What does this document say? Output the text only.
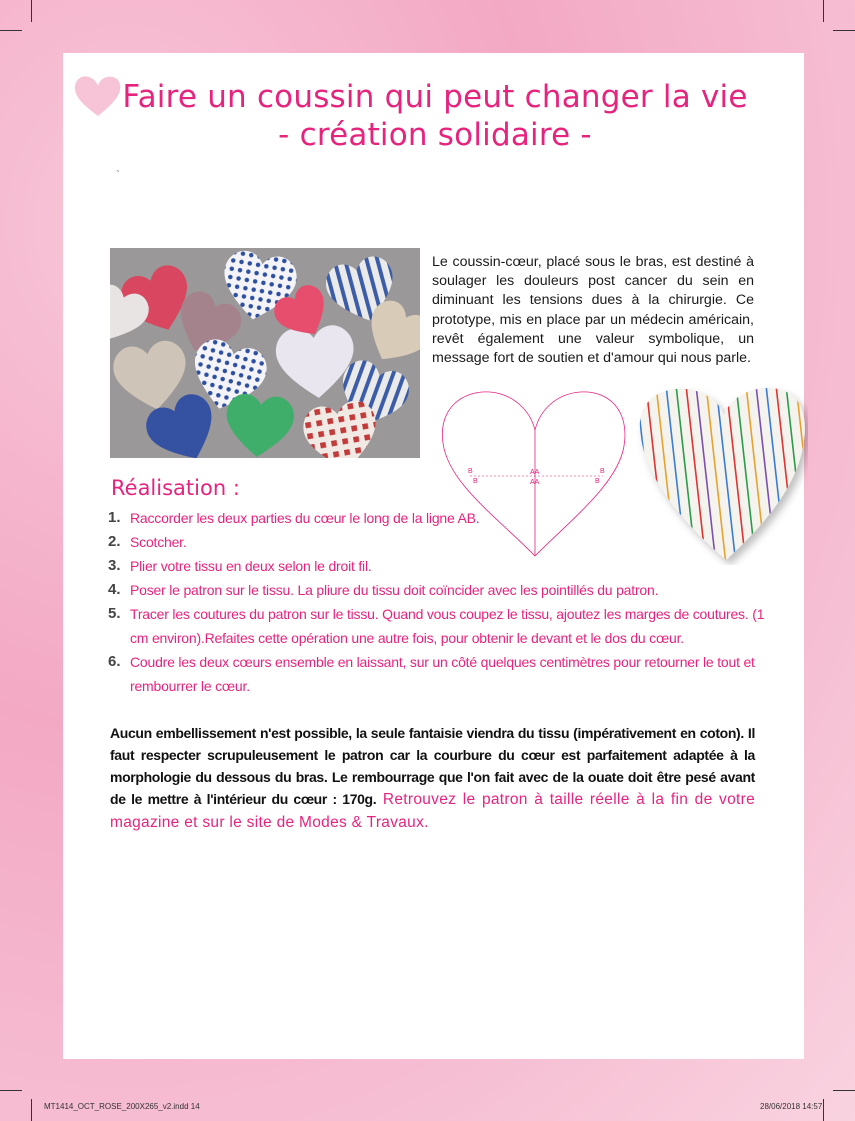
Faire un coussin qui peut changer la vie
- création solidaire -
`

Le coussin-cœur, placé sous le bras, est destiné à soulager les douleurs post cancer du sein en diminuant les tensions dues à la chirurgie. Ce prototype, mis en place par un médecin américain, revêt également une valeur symbolique, un message fort de soutien et d'amour qui nous parle.

B
B
AA
AA
B
B
Réalisation :
1. Raccorder les deux parties du cœur le long de la ligne AB.
2. Scotcher.
3. Plier votre tissu en deux selon le droit fil.
4. Poser le patron sur le tissu. La pliure du tissu doit coïncider avec les pointillés du patron.
5. Tracer les coutures du patron sur le tissu. Quand vous coupez le tissu, ajoutez les marges de coutures. (1 cm environ).Refaites cette opération une autre fois, pour obtenir le devant et le dos du cœur.
6. Coudre les deux cœurs ensemble en laissant, sur un côté quelques centimètres pour retourner le tout et rembourrer le cœur.

Aucun embellissement n'est possible, la seule fantaisie viendra du tissu (impérativement en coton). Il faut respecter scrupuleusement le patron car la courbure du cœur est parfaitement adaptée à la morphologie du dessous du bras. Le rembourrage que l'on fait avec de la ouate doit être pesé avant de le mettre à l'intérieur du cœur : 170g. Retrouvez le patron à taille réelle à la fin de votre magazine et sur le site de Modes & Travaux.

MT1414_OCT_ROSE_200X265_v2.indd 14	28/06/2018 14:57
